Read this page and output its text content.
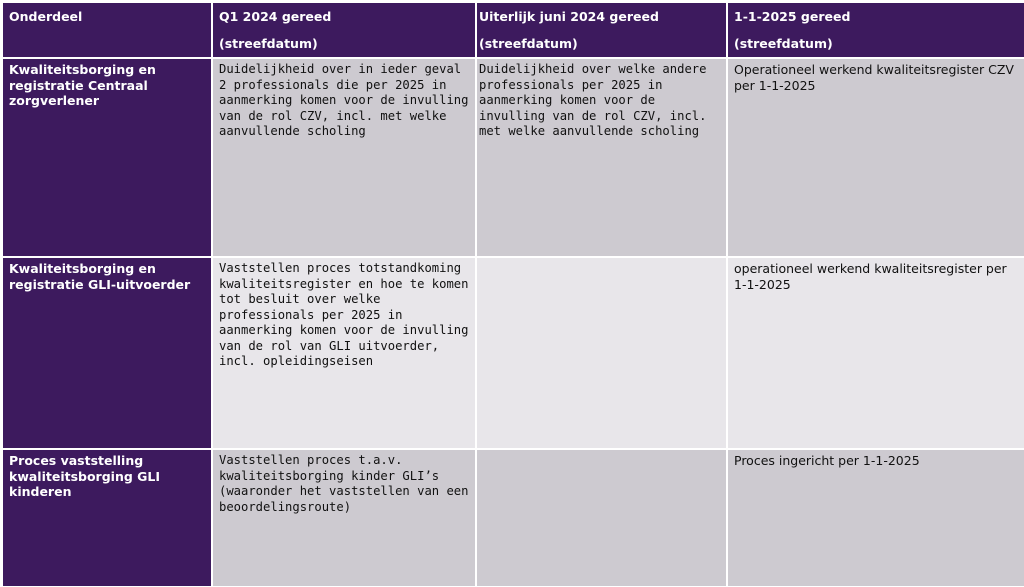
Onderdeel	Q1 2024 gereed
(streefdatum)
Uiterlijk juni 2024 gereed
(streefdatum)
1-1-2025 gereed
(streefdatum)
Kwaliteitsborging en registratie Centraal zorgverlener
Duidelijkheid over in ieder geval 2 professionals die per 2025 in aanmerking komen voor de invulling van de rol CZV, incl. met welke aanvullende scholing
Duidelijkheid over welke andere professionals per 2025 in aanmerking komen voor de invulling van de rol CZV, incl. met welke aanvullende scholing
Operationeel werkend kwaliteitsregister CZV per 1-1-2025
Kwaliteitsborging en registratie GLI-uitvoerder
Vaststellen proces totstandkoming kwaliteitsregister en hoe te komen tot besluit over welke professionals per 2025 in aanmerking komen voor de invulling van de rol van GLI uitvoerder, incl. opleidingseisen
operationeel werkend kwaliteitsregister per 1-1-2025
Proces vaststelling kwaliteitsborging GLI kinderen
Vaststellen proces t.a.v. kwaliteitsborging kinder GLI’s (waaronder het vaststellen van een beoordelingsroute)
Proces ingericht per 1-1-2025
